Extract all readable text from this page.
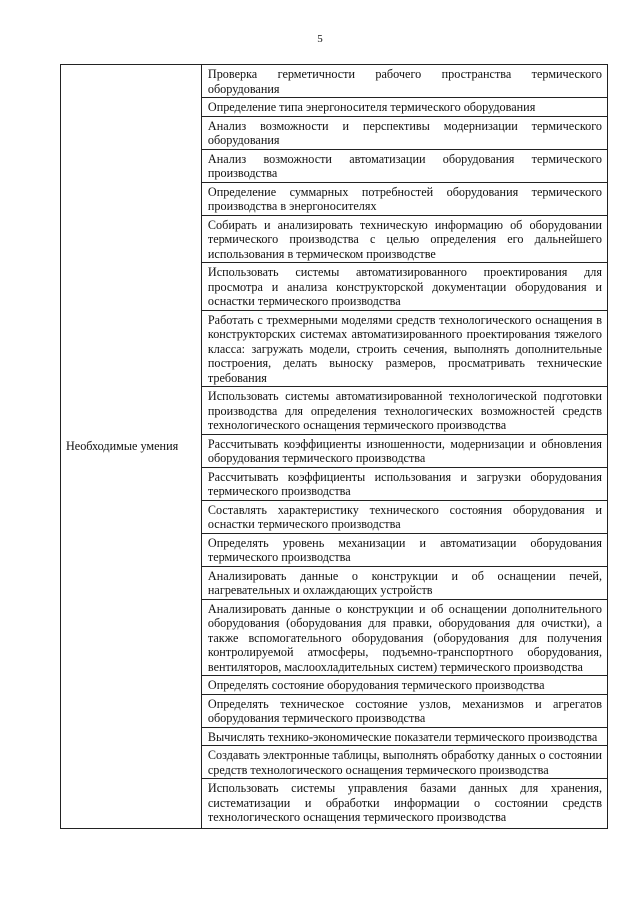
5
Необходимые умения	
Проверка герметичности рабочего пространства термического оборудования
Определение типа энергоносителя термического оборудования
Анализ возможности и перспективы модернизации термического оборудования
Анализ возможности автоматизации оборудования термического производства
Определение суммарных потребностей оборудования термического производства в энергоносителях
Собирать и анализировать техническую информацию об оборудовании термического производства с целью определения его дальнейшего использования в термическом производстве
Использовать системы автоматизированного проектирования для просмотра и анализа конструкторской документации оборудования и оснастки термического производства
Работать с трехмерными моделями средств технологического оснащения в конструкторских системах автоматизированного проектирования тяжелого класса: загружать модели, строить сечения, выполнять дополнительные построения, делать выноску размеров, просматривать технические требования
Использовать системы автоматизированной технологической подготовки производства для определения технологических возможностей средств технологического оснащения термического производства
Рассчитывать коэффициенты изношенности, модернизации и обновления оборудования термического производства
Рассчитывать коэффициенты использования и загрузки оборудования термического производства
Составлять характеристику технического состояния оборудования и оснастки термического производства
Определять уровень механизации и автоматизации оборудования термического производства
Анализировать данные о конструкции и об оснащении печей, нагревательных и охлаждающих устройств
Анализировать данные о конструкции и об оснащении дополнительного оборудования (оборудования для правки, оборудования для очистки), а также вспомогательного оборудования (оборудования для получения контролируемой атмосферы, подъемно-транспортного оборудования, вентиляторов, маслоохладительных систем) термического производства
Определять состояние оборудования термического производства
Определять техническое состояние узлов, механизмов и агрегатов оборудования термического производства
Вычислять технико-экономические показатели термического производства
Создавать электронные таблицы, выполнять обработку данных о состоянии средств технологического оснащения термического производства
Использовать системы управления базами данных для хранения, систематизации и обработки информации о состоянии средств технологического оснащения термического производства
